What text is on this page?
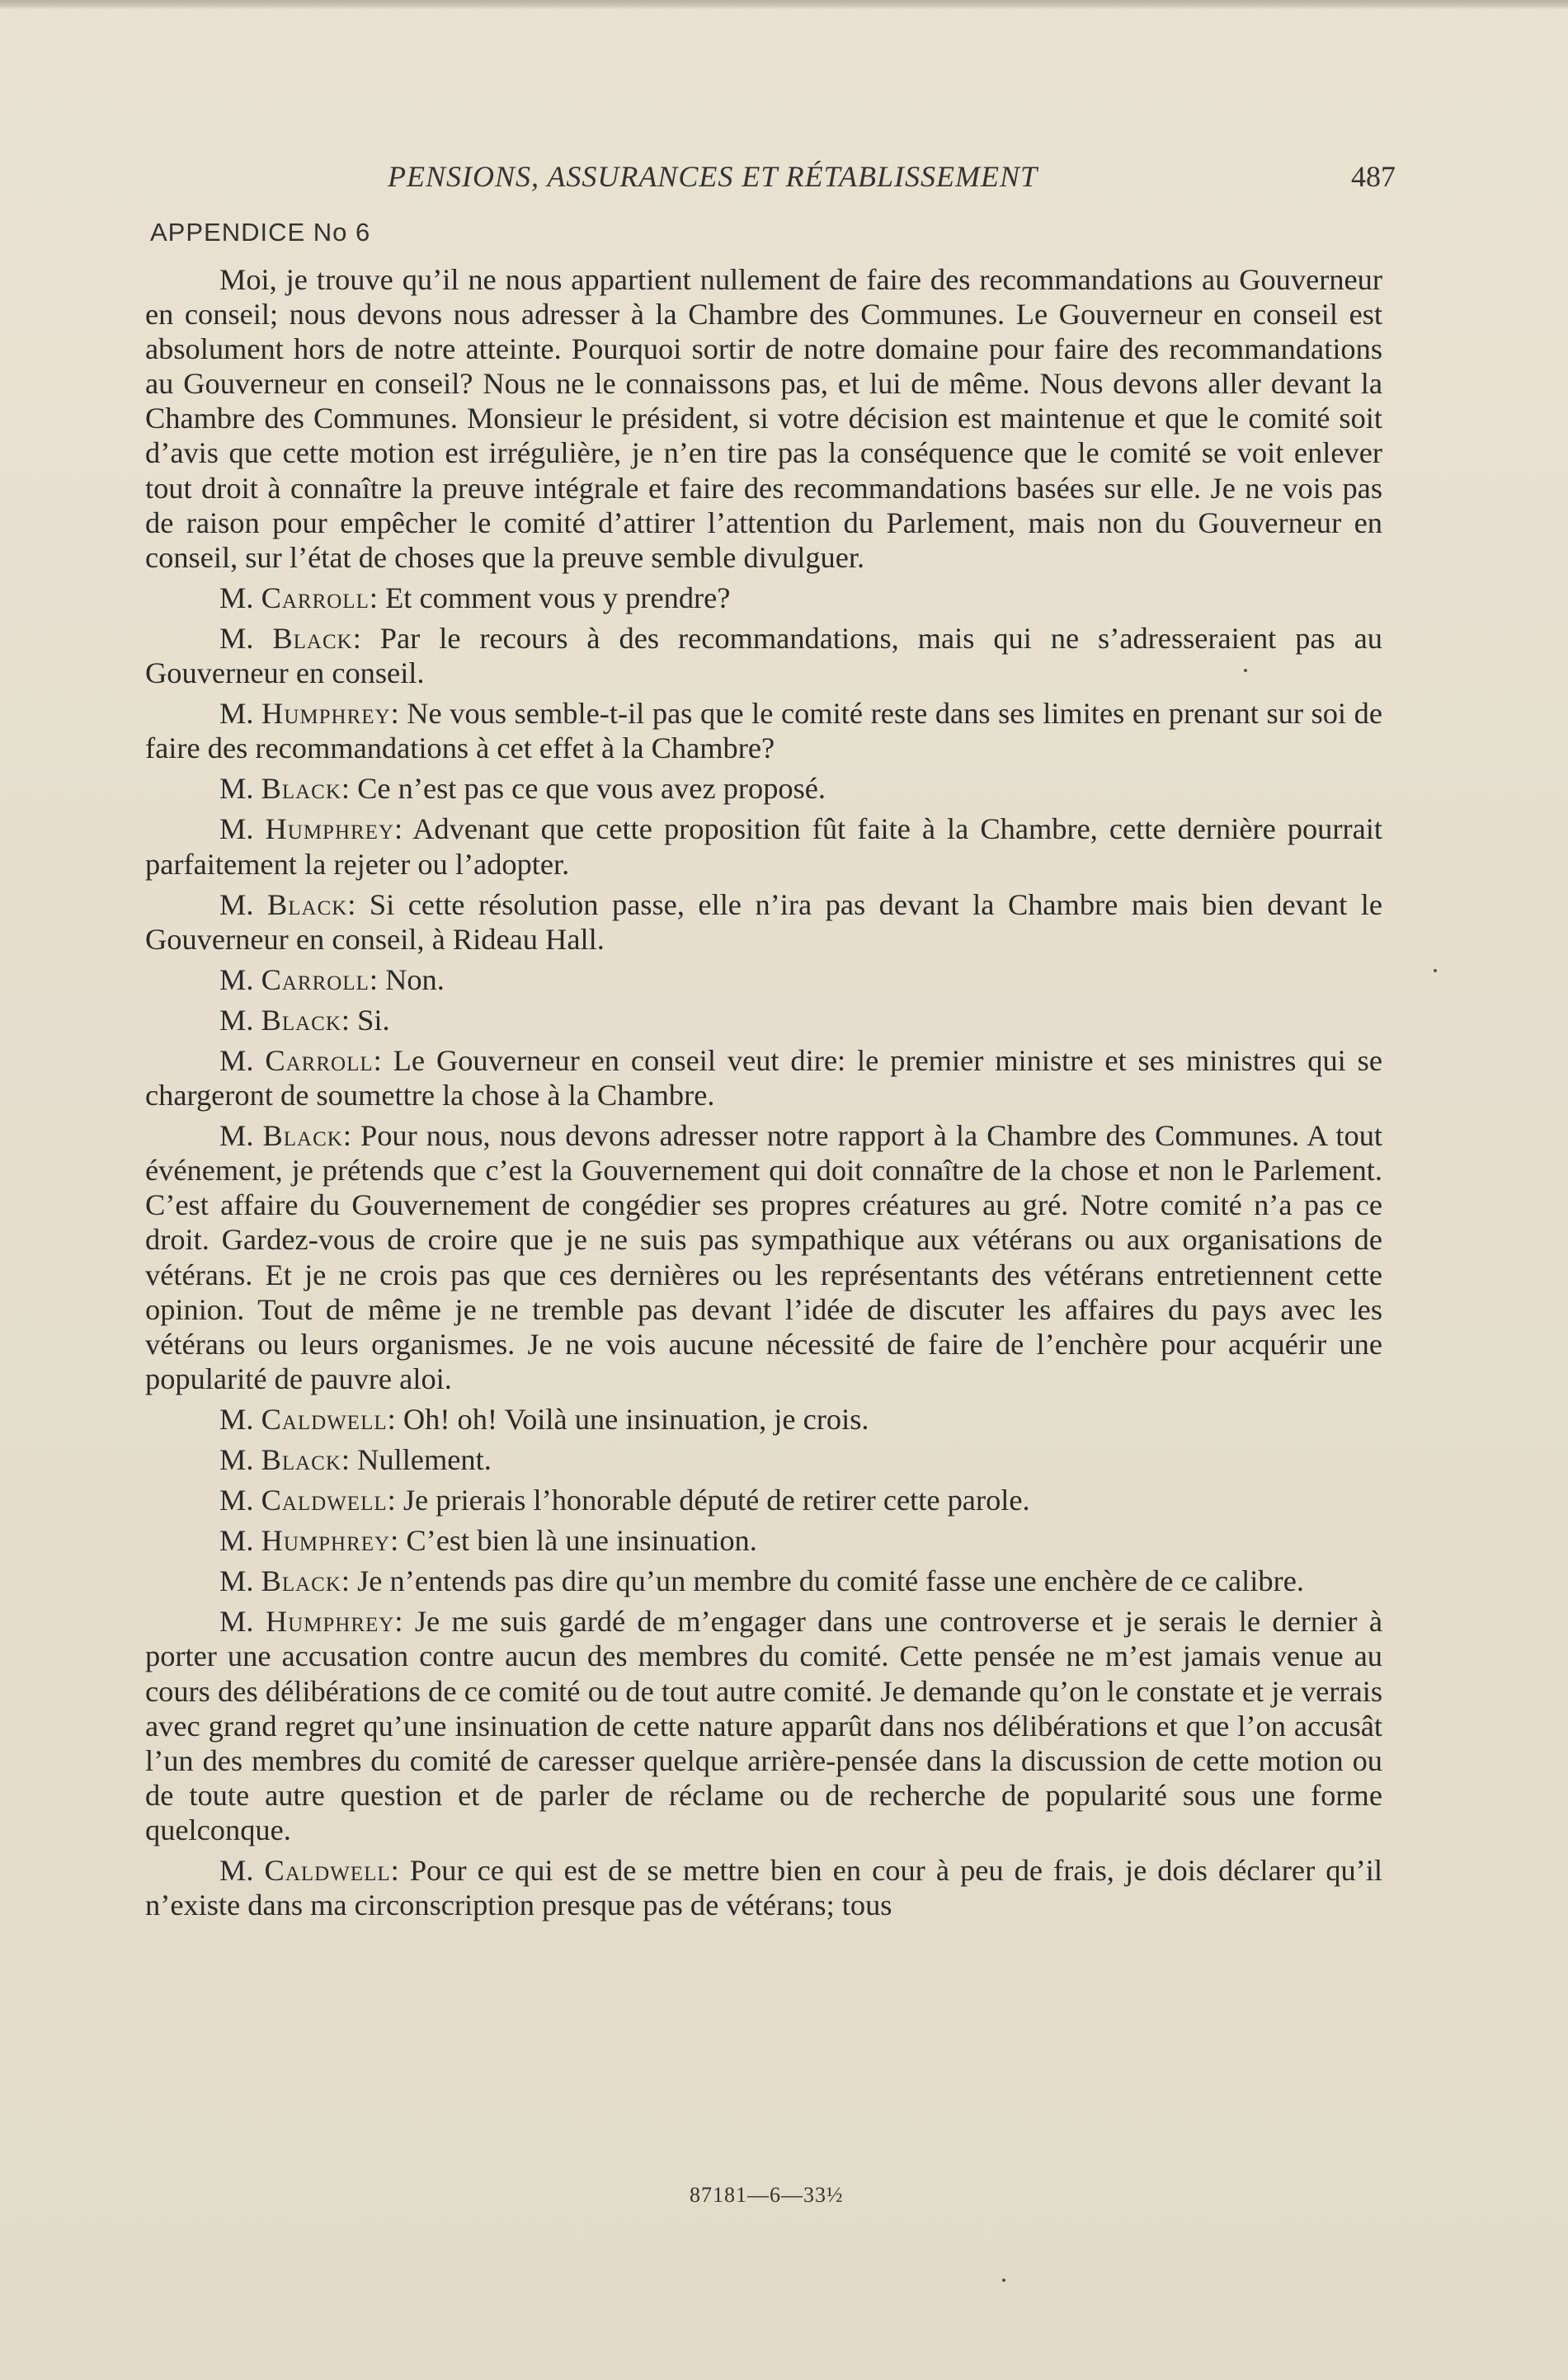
PENSIONS, ASSURANCES ET RÉTABLISSEMENT	487
APPENDICE No 6

Moi, je trouve qu’il ne nous appartient nullement de faire des recommandations au Gouverneur en conseil; nous devons nous adresser à la Chambre des Communes. Le Gouverneur en conseil est absolument hors de notre atteinte. Pourquoi sortir de notre domaine pour faire des recommandations au Gouverneur en conseil? Nous ne le connaissons pas, et lui de même. Nous devons aller devant la Chambre des Communes. Monsieur le président, si votre décision est maintenue et que le comité soit d’avis que cette motion est irrégulière, je n’en tire pas la conséquence que le comité se voit enlever tout droit à connaître la preuve intégrale et faire des recommandations basées sur elle. Je ne vois pas de raison pour empêcher le comité d’attirer l’attention du Parlement, mais non du Gouverneur en conseil, sur l’état de choses que la preuve semble divulguer.

M. Carroll: Et comment vous y prendre?

M. Black: Par le recours à des recommandations, mais qui ne s’adresseraient pas au Gouverneur en conseil.

M. Humphrey: Ne vous semble-t-il pas que le comité reste dans ses limites en prenant sur soi de faire des recommandations à cet effet à la Chambre?

M. Black: Ce n’est pas ce que vous avez proposé.

M. Humphrey: Advenant que cette proposition fût faite à la Chambre, cette dernière pourrait parfaitement la rejeter ou l’adopter.

M. Black: Si cette résolution passe, elle n’ira pas devant la Chambre mais bien devant le Gouverneur en conseil, à Rideau Hall.

M. Carroll: Non.

M. Black: Si.

M. Carroll: Le Gouverneur en conseil veut dire: le premier ministre et ses ministres qui se chargeront de soumettre la chose à la Chambre.

M. Black: Pour nous, nous devons adresser notre rapport à la Chambre des Communes. A tout événement, je prétends que c’est la Gouvernement qui doit connaître de la chose et non le Parlement. C’est affaire du Gouvernement de congédier ses propres créatures au gré. Notre comité n’a pas ce droit. Gardez-vous de croire que je ne suis pas sympathique aux vétérans ou aux organisations de vétérans. Et je ne crois pas que ces dernières ou les représentants des vétérans entretiennent cette opinion. Tout de même je ne tremble pas devant l’idée de discuter les affaires du pays avec les vétérans ou leurs organismes. Je ne vois aucune nécessité de faire de l’enchère pour acquérir une popularité de pauvre aloi.

M. Caldwell: Oh! oh! Voilà une insinuation, je crois.

M. Black: Nullement.

M. Caldwell: Je prierais l’honorable député de retirer cette parole.

M. Humphrey: C’est bien là une insinuation.

M. Black: Je n’entends pas dire qu’un membre du comité fasse une enchère de ce calibre.

M. Humphrey: Je me suis gardé de m’engager dans une controverse et je serais le dernier à porter une accusation contre aucun des membres du comité. Cette pensée ne m’est jamais venue au cours des délibérations de ce comité ou de tout autre comité. Je demande qu’on le constate et je verrais avec grand regret qu’une insinuation de cette nature apparût dans nos délibérations et que l’on accusât l’un des membres du comité de caresser quelque arrière-pensée dans la discussion de cette motion ou de toute autre question et de parler de réclame ou de recherche de popularité sous une forme quelconque.

M. Caldwell: Pour ce qui est de se mettre bien en cour à peu de frais, je dois déclarer qu’il n’existe dans ma circonscription presque pas de vétérans; tous

87181—6—33½
